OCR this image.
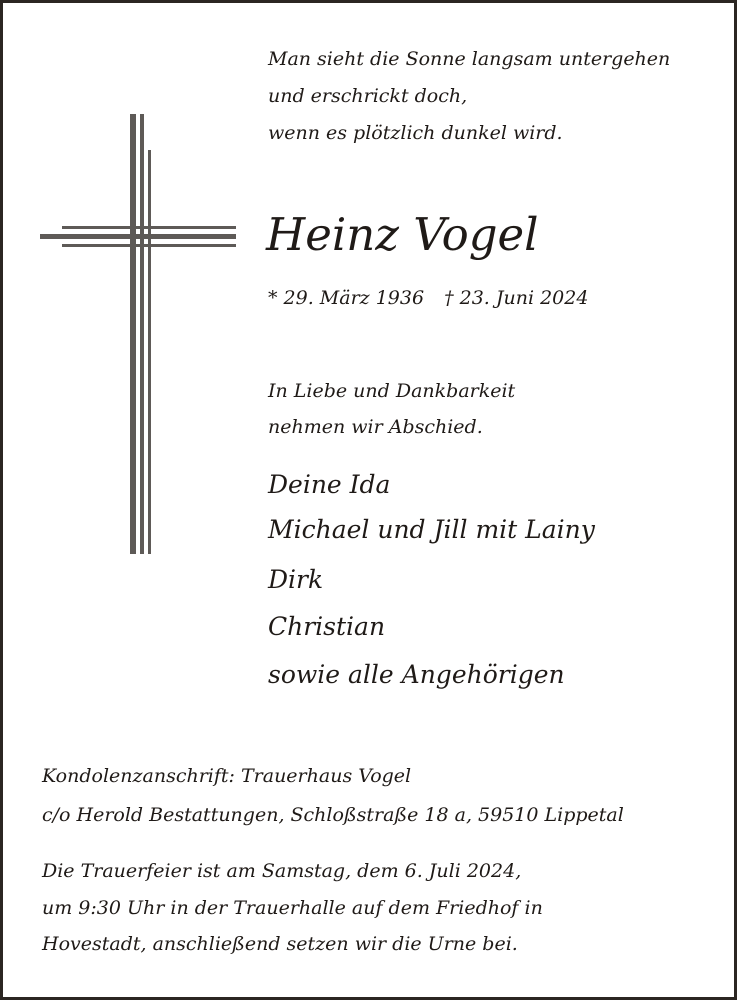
Man sieht die Sonne langsam untergehen

und erschrickt doch,

wenn es plötzlich dunkel wird.

Heinz Vogel

* 29. März 1936 † 23. Juni 2024

In Liebe und Dankbarkeit

nehmen wir Abschied.

Deine Ida

Michael und Jill mit Lainy

Dirk

Christian

sowie alle Angehörigen

Kondolenzanschrift: Trauerhaus Vogel

c/o Herold Bestattungen, Schloßstraße 18 a, 59510 Lippetal

Die Trauerfeier ist am Samstag, dem 6. Juli 2024,

um 9:30 Uhr in der Trauerhalle auf dem Friedhof in

Hovestadt, anschließend setzen wir die Urne bei.
